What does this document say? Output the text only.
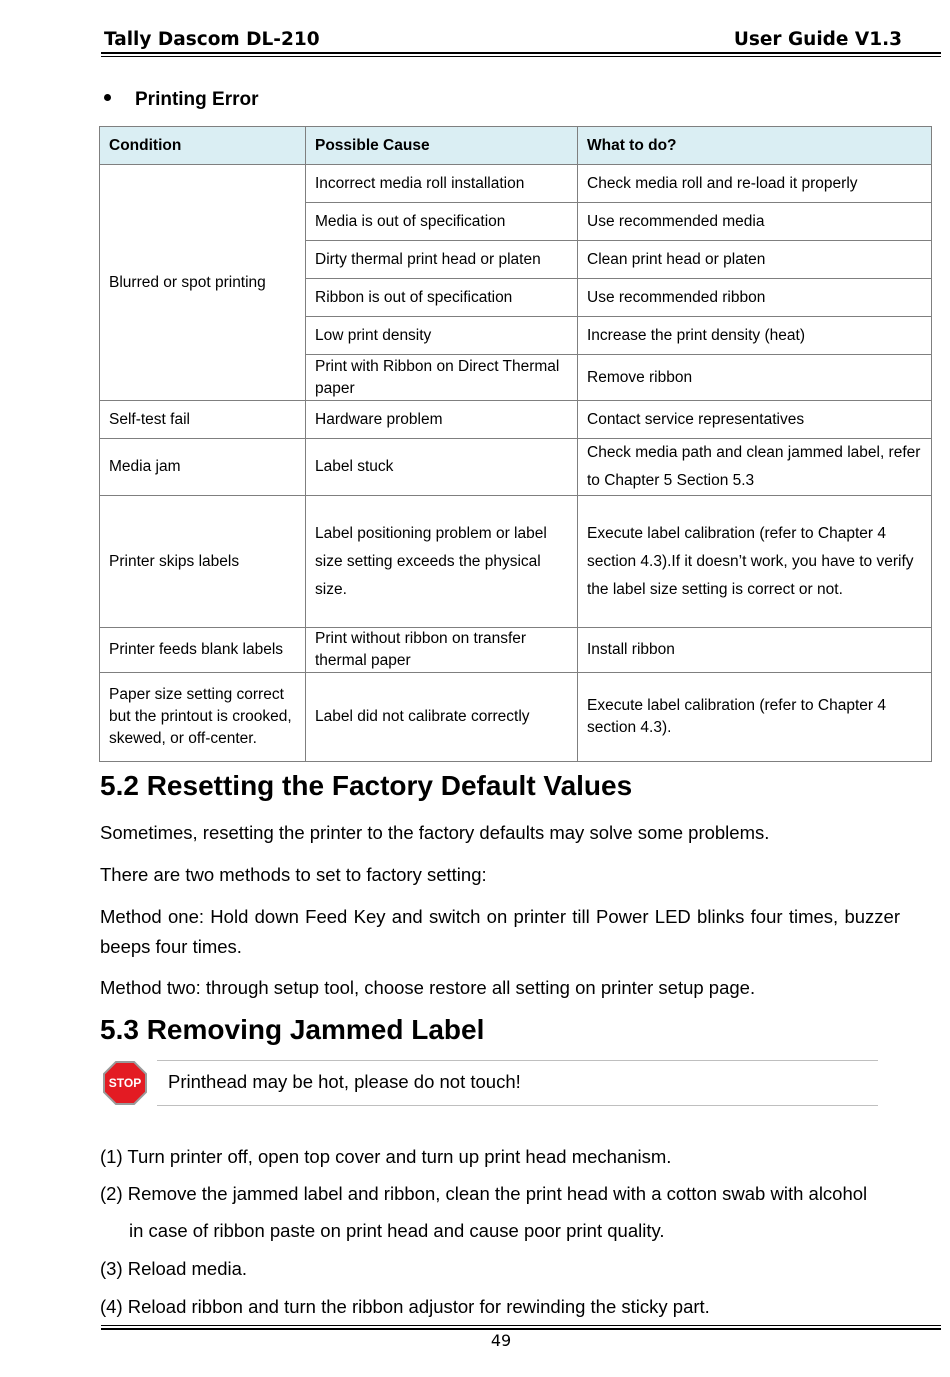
Tally Dascom DL-210	User Guide V1.3
Printing Error
Condition	Possible Cause	What to do?
Blurred or spot printing	Incorrect media roll installation	Check media roll and re-load it properly
	Media is out of specification	Use recommended media
	Dirty thermal print head or platen	Clean print head or platen
	Ribbon is out of specification	Use recommended ribbon
	Low print density	Increase the print density (heat)
	Print with Ribbon on Direct Thermal paper	Remove ribbon
Self-test fail	Hardware problem	Contact service representatives
Media jam	Label stuck	Check media path and clean jammed label, refer to Chapter 5 Section 5.3
Printer skips labels	Label positioning problem or label size setting exceeds the physical size.	Execute label calibration (refer to Chapter 4 section 4.3).If it doesn’t work, you have to verify the label size setting is correct or not.
Printer feeds blank labels	Print without ribbon on transfer thermal paper	Install ribbon
Paper size setting correct but the printout is crooked, skewed, or off-center.	Label did not calibrate correctly	Execute label calibration (refer to Chapter 4 section 4.3).
5.2 Resetting the Factory Default Values
Sometimes, resetting the printer to the factory defaults may solve some problems.
There are two methods to set to factory setting:
Method one: Hold down Feed Key and switch on printer till Power LED blinks four times, buzzer beeps four times.
Method two: through setup tool, choose restore all setting on printer setup page.
5.3 Removing Jammed Label
STOP Printhead may be hot, please do not touch!
(1) Turn printer off, open top cover and turn up print head mechanism.
(2) Remove the jammed label and ribbon, clean the print head with a cotton swab with alcohol
in case of ribbon paste on print head and cause poor print quality.
(3) Reload media.
(4) Reload ribbon and turn the ribbon adjustor for rewinding the sticky part.
49
